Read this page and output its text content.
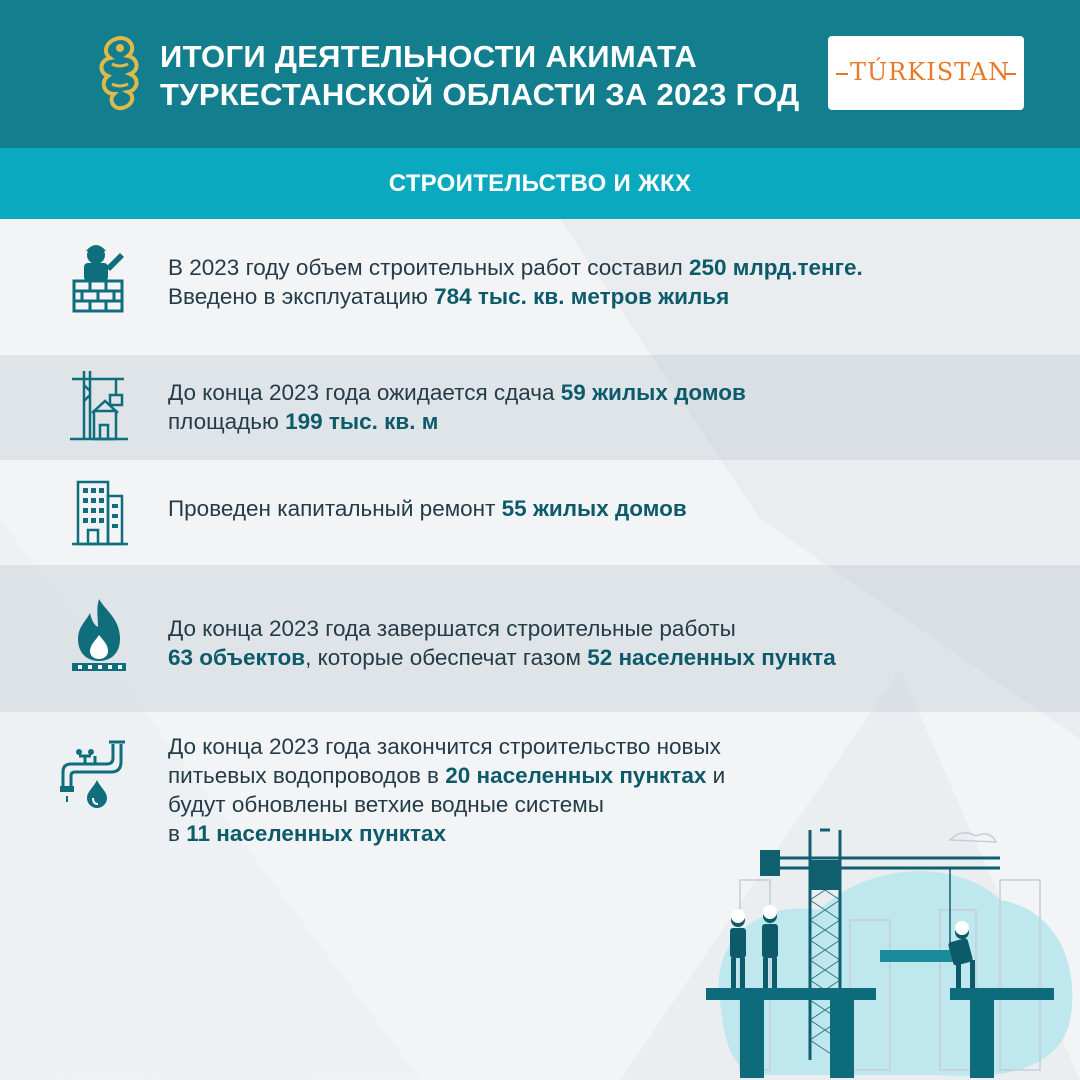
ИТОГИ ДЕЯТЕЛЬНОСТИ АКИМАТА
ТУРКЕСТАНСКОЙ ОБЛАСТИ ЗА 2023 ГОД
TÚRKISTAN
СТРОИТЕЛЬСТВО И ЖКХ
В 2023 году объем строительных работ составил 250 млрд.тенге.
Введено в эксплуатацию 784 тыс. кв. метров жилья
До конца 2023 года ожидается сдача 59 жилых домов
площадью 199 тыс. кв. м
Проведен капитальный ремонт 55 жилых домов
До конца 2023 года завершатся строительные работы
63 объектов, которые обеспечат газом 52 населенных пункта
До конца 2023 года закончится строительство новых
питьевых водопроводов в 20 населенных пунктах и
будут обновлены ветхие водные системы
в 11 населенных пунктах
